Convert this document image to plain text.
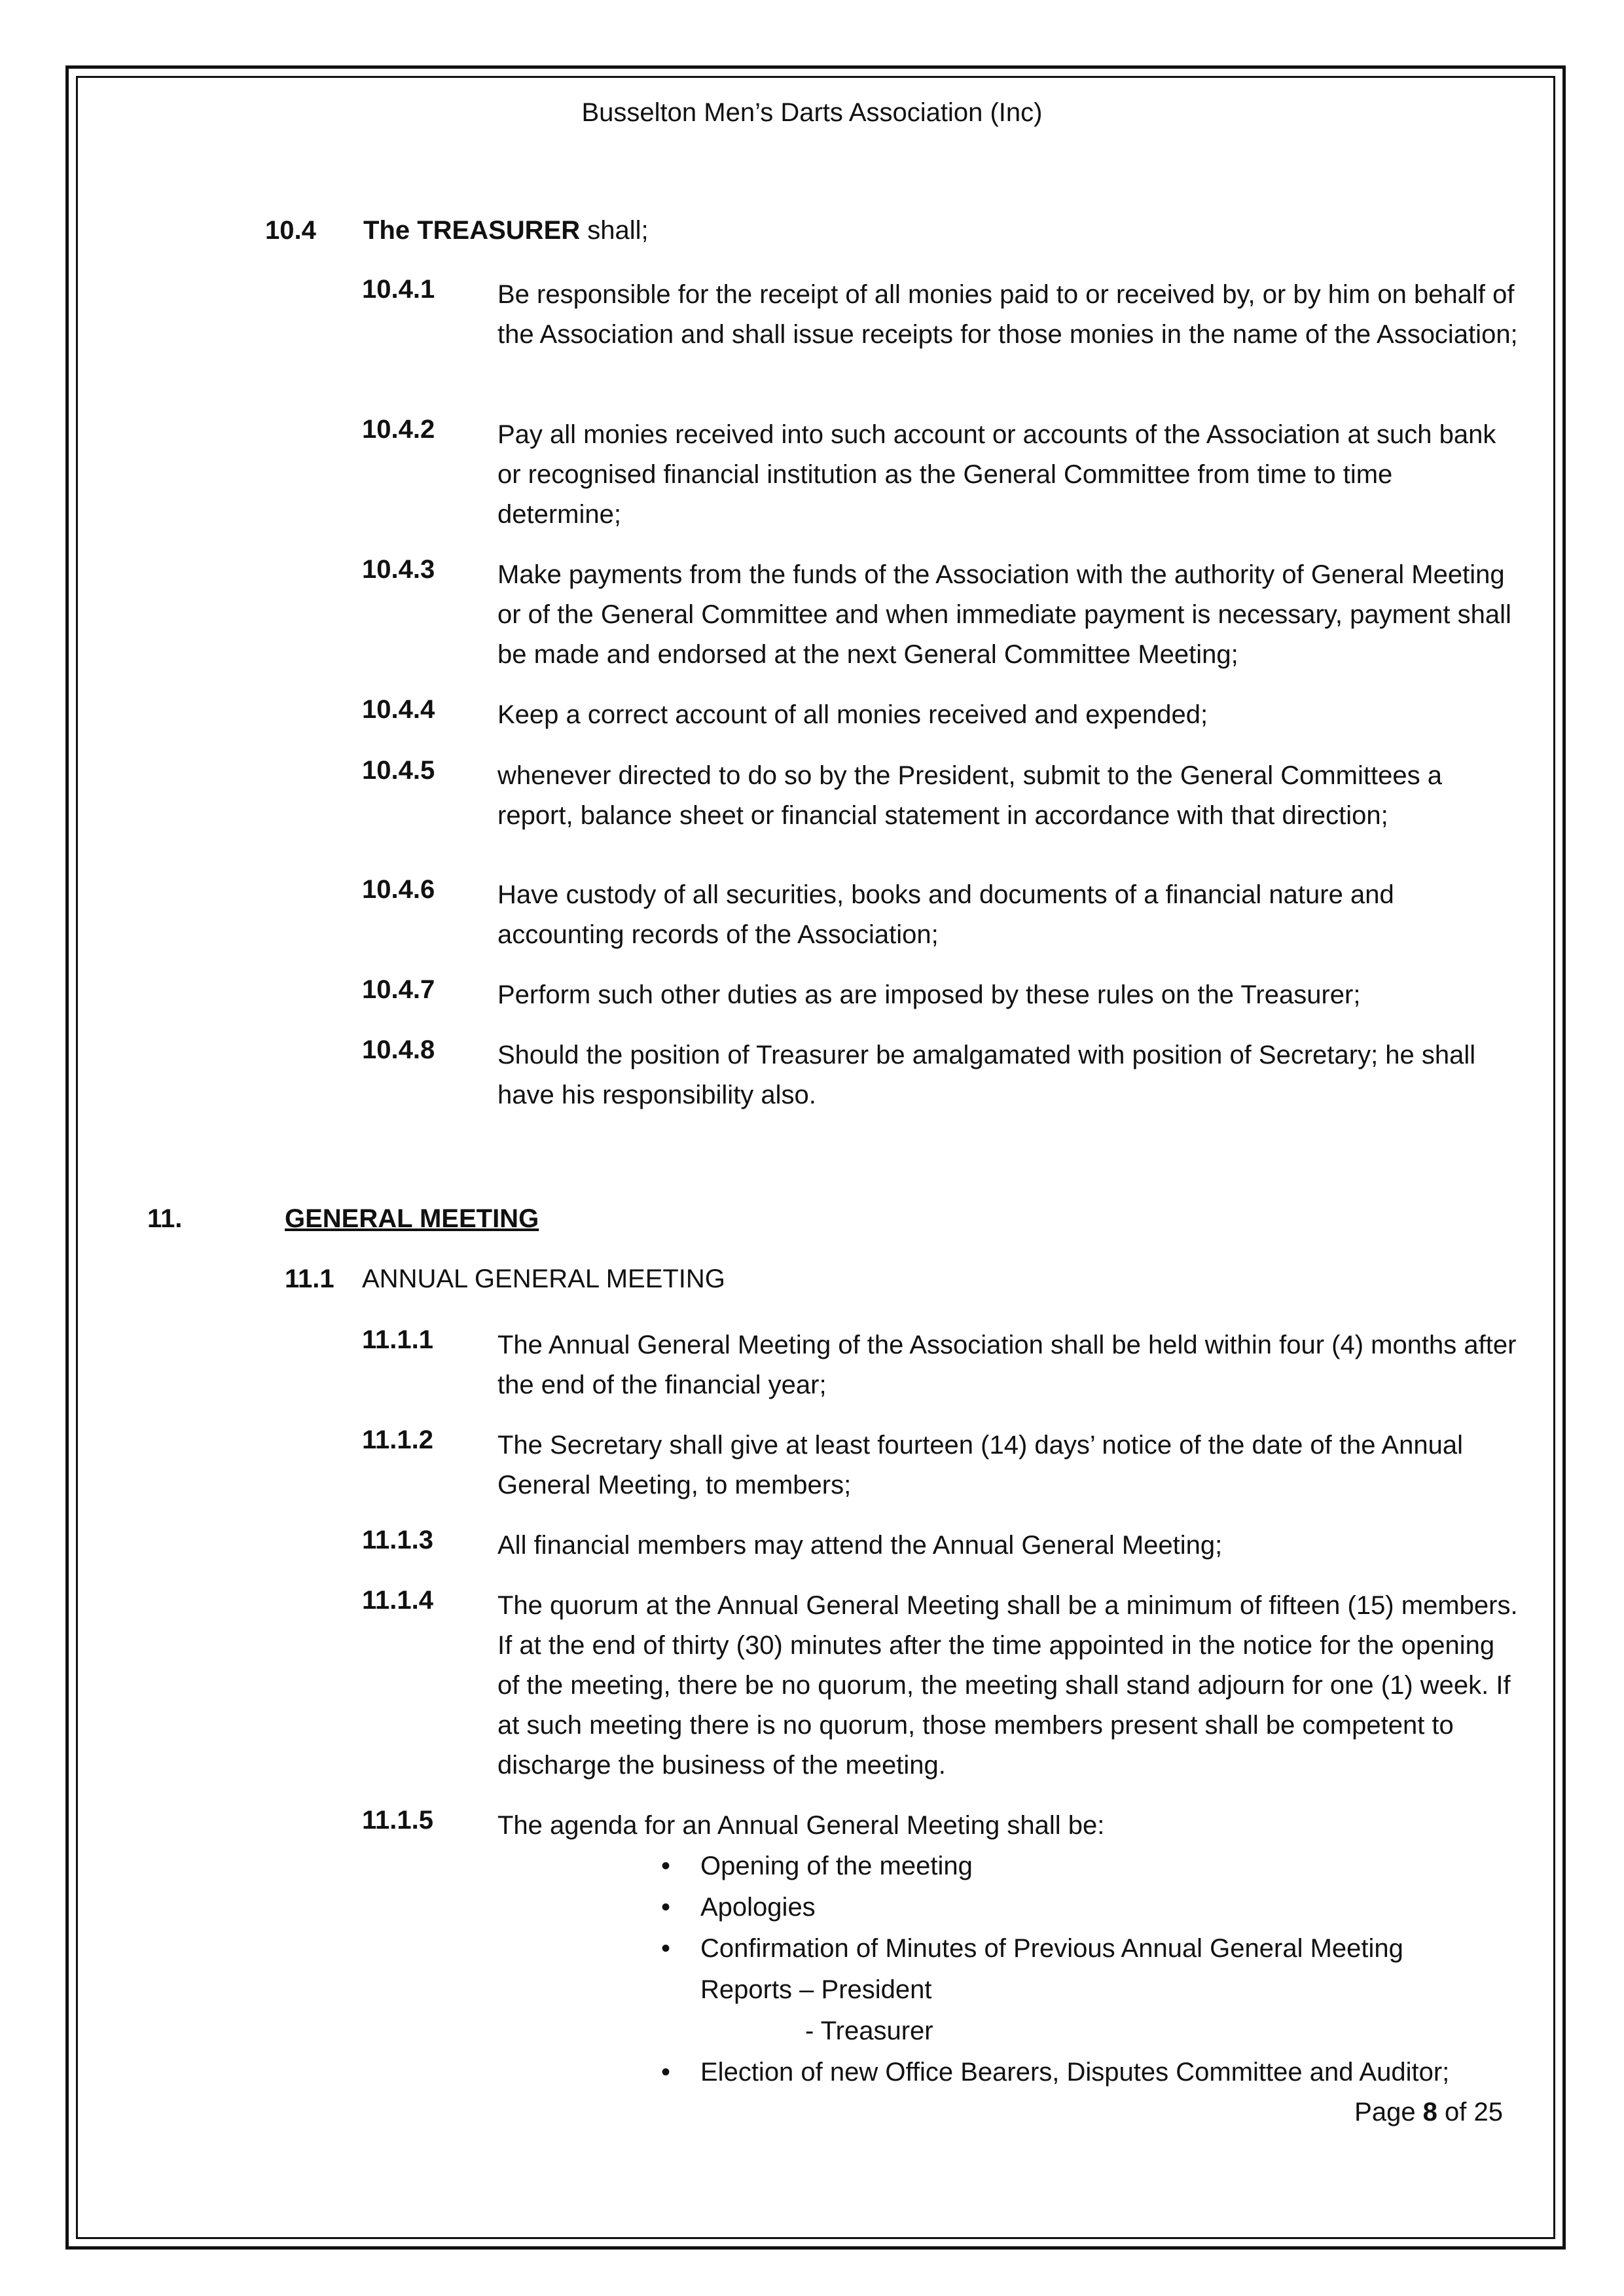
Busselton Men’s Darts Association (Inc)
10.4 The TREASURER shall;
10.4.1 Be responsible for the receipt of all monies paid to or received by, or by him on behalf of the Association and shall issue receipts for those monies in the name of the Association;
10.4.2 Pay all monies received into such account or accounts of the Association at such bank or recognised financial institution as the General Committee from time to time determine;
10.4.3 Make payments from the funds of the Association with the authority of General Meeting or of the General Committee and when immediate payment is necessary, payment shall be made and endorsed at the next General Committee Meeting;
10.4.4 Keep a correct account of all monies received and expended;
10.4.5 whenever directed to do so by the President, submit to the General Committees a report, balance sheet or financial statement in accordance with that direction;
10.4.6 Have custody of all securities, books and documents of a financial nature and accounting records of the Association;
10.4.7 Perform such other duties as are imposed by these rules on the Treasurer;
10.4.8 Should the position of Treasurer be amalgamated with position of Secretary; he shall have his responsibility also.
11.	GENERAL MEETING
11.1 ANNUAL GENERAL MEETING
11.1.1 The Annual General Meeting of the Association shall be held within four (4) months after the end of the financial year;
11.1.2 The Secretary shall give at least fourteen (14) days’ notice of the date of the Annual General Meeting, to members;
11.1.3 All financial members may attend the Annual General Meeting;
11.1.4 The quorum at the Annual General Meeting shall be a minimum of fifteen (15) members. If at the end of thirty (30) minutes after the time appointed in the notice for the opening of the meeting, there be no quorum, the meeting shall stand adjourn for one (1) week. If at such meeting there is no quorum, those members present shall be competent to discharge the business of the meeting.
11.1.5 The agenda for an Annual General Meeting shall be:
• Opening of the meeting
• Apologies
• Confirmation of Minutes of Previous Annual General Meeting
Reports – President
- Treasurer
• Election of new Office Bearers, Disputes Committee and Auditor;
Page 8 of 25
